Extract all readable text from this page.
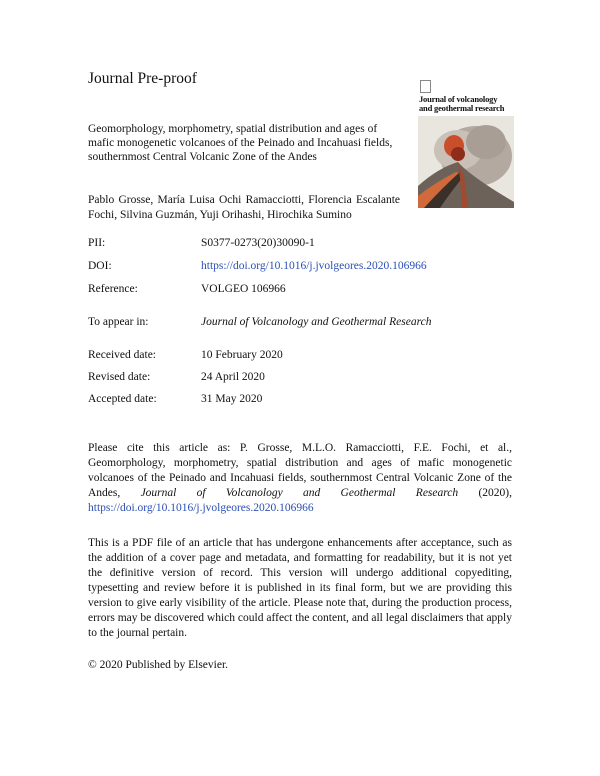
Journal Pre-proof
Journal of volcanology
and geothermal research
Geomorphology, morphometry, spatial distribution and ages of mafic monogenetic volcanoes of the Peinado and Incahuasi fields, southernmost Central Volcanic Zone of the Andes
Pablo Grosse, María Luisa Ochi Ramacciotti, Florencia Escalante Fochi, Silvina Guzmán, Yuji Orihashi, Hirochika Sumino
PII:	S0377-0273(20)30090-1
DOI:	https://doi.org/10.1016/j.jvolgeores.2020.106966
Reference:	VOLGEO 106966
To appear in:	Journal of Volcanology and Geothermal Research
Received date:	10 February 2020
Revised date:	24 April 2020
Accepted date:	31 May 2020
Please cite this article as: P. Grosse, M.L.O. Ramacciotti, F.E. Fochi, et al., Geomorphology, morphometry, spatial distribution and ages of mafic monogenetic volcanoes of the Peinado and Incahuasi fields, southernmost Central Volcanic Zone of the Andes, Journal of Volcanology and Geothermal Research (2020), https://doi.org/10.1016/j.jvolgeores.2020.106966
This is a PDF file of an article that has undergone enhancements after acceptance, such as the addition of a cover page and metadata, and formatting for readability, but it is not yet the definitive version of record. This version will undergo additional copyediting, typesetting and review before it is published in its final form, but we are providing this version to give early visibility of the article. Please note that, during the production process, errors may be discovered which could affect the content, and all legal disclaimers that apply to the journal pertain.
© 2020 Published by Elsevier.
